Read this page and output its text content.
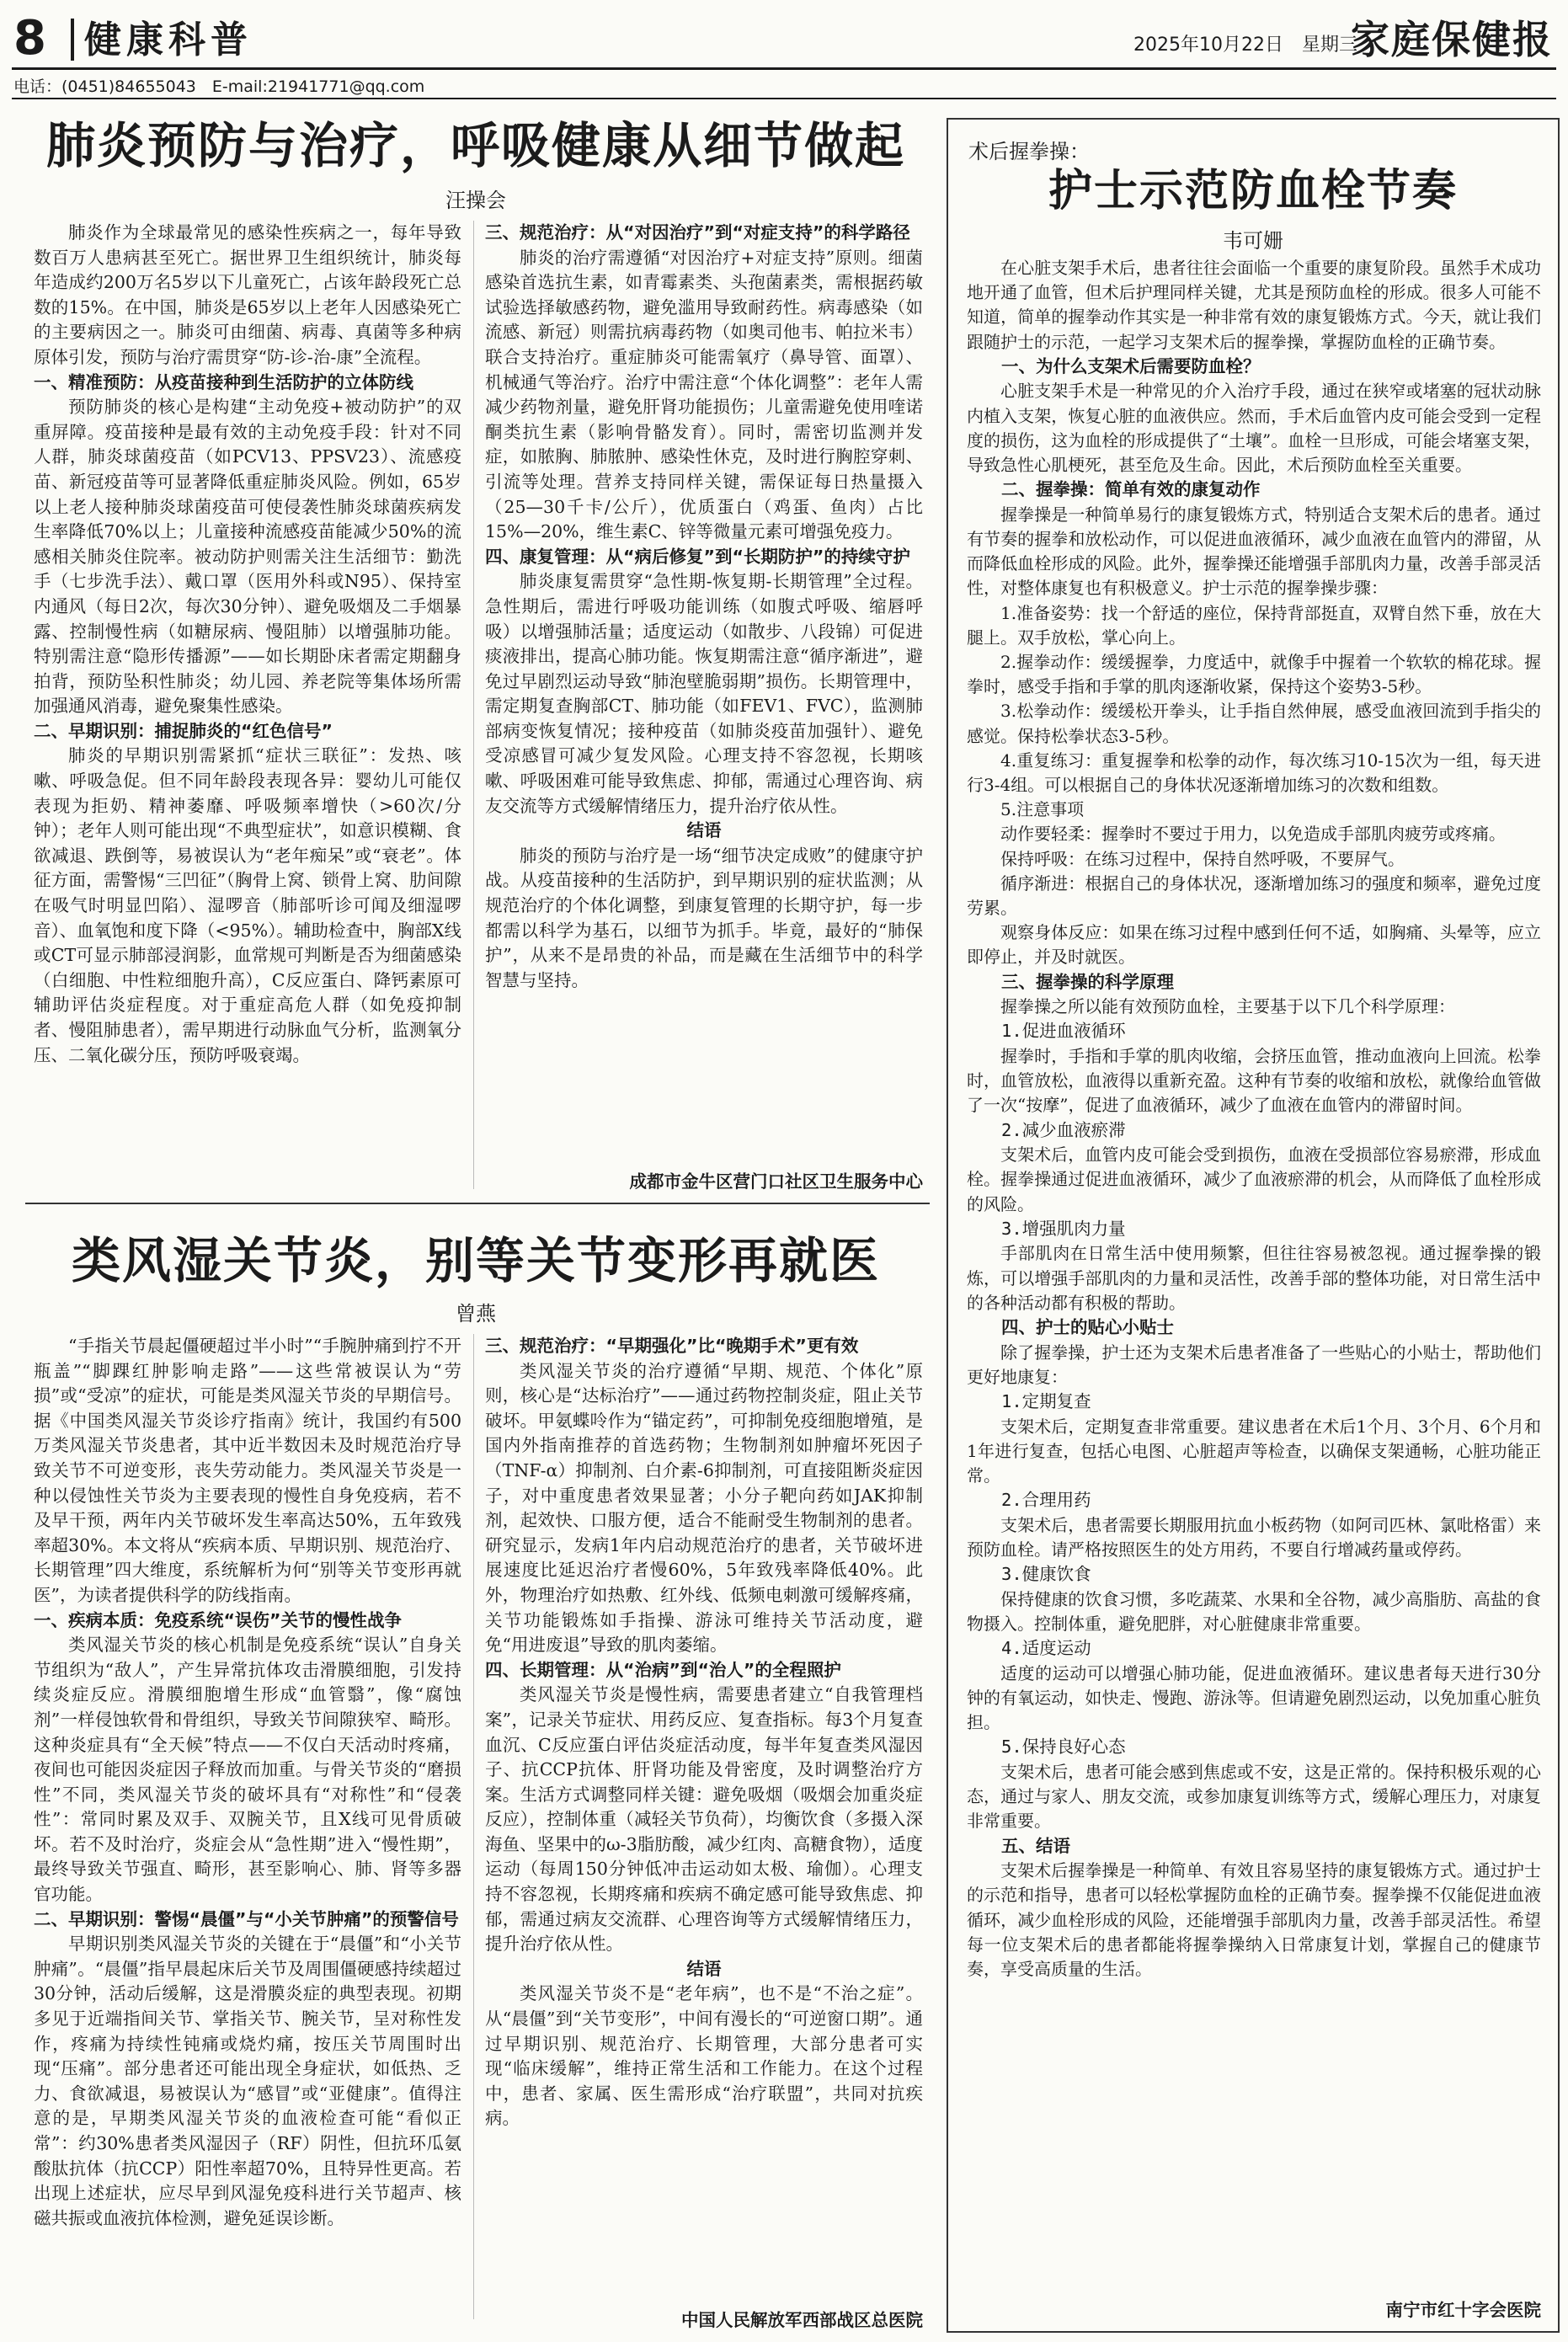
8 健康科普	2025年10月22日　星期三
家庭保健报
电话：(0451)84655043　E-mail:21941771@qq.com
肺炎预防与治疗，呼吸健康从细节做起
汪操会

肺炎作为全球最常见的感染性疾病之一，每年导致数百万人患病甚至死亡。据世界卫生组织统计，肺炎每年造成约200万名5岁以下儿童死亡，占该年龄段死亡总数的15%。在中国，肺炎是65岁以上老年人因感染死亡的主要病因之一。肺炎可由细菌、病毒、真菌等多种病原体引发，预防与治疗需贯穿“防-诊-治-康”全流程。

一、精准预防：从疫苗接种到生活防护的立体防线

预防肺炎的核心是构建“主动免疫+被动防护”的双重屏障。疫苗接种是最有效的主动免疫手段：针对不同人群，肺炎球菌疫苗（如PCV13、PPSV23）、流感疫苗、新冠疫苗等可显著降低重症肺炎风险。例如，65岁以上老人接种肺炎球菌疫苗可使侵袭性肺炎球菌疾病发生率降低70%以上；儿童接种流感疫苗能减少50%的流感相关肺炎住院率。被动防护则需关注生活细节：勤洗手（七步洗手法）、戴口罩（医用外科或N95）、保持室内通风（每日2次，每次30分钟）、避免吸烟及二手烟暴露、控制慢性病（如糖尿病、慢阻肺）以增强肺功能。特别需注意“隐形传播源”——如长期卧床者需定期翻身拍背，预防坠积性肺炎；幼儿园、养老院等集体场所需加强通风消毒，避免聚集性感染。

二、早期识别：捕捉肺炎的“红色信号”

肺炎的早期识别需紧抓“症状三联征”：发热、咳嗽、呼吸急促。但不同年龄段表现各异：婴幼儿可能仅表现为拒奶、精神萎靡、呼吸频率增快（>60次/分钟）；老年人则可能出现“不典型症状”，如意识模糊、食欲减退、跌倒等，易被误认为“老年痴呆”或“衰老”。体征方面，需警惕“三凹征”（胸骨上窝、锁骨上窝、肋间隙在吸气时明显凹陷）、湿啰音（肺部听诊可闻及细湿啰音）、血氧饱和度下降（<95%）。辅助检查中，胸部X线或CT可显示肺部浸润影，血常规可判断是否为细菌感染（白细胞、中性粒细胞升高），C反应蛋白、降钙素原可辅助评估炎症程度。对于重症高危人群（如免疫抑制者、慢阻肺患者），需早期进行动脉血气分析，监测氧分压、二氧化碳分压，预防呼吸衰竭。

三、规范治疗：从“对因治疗”到“对症支持”的科学路径

肺炎的治疗需遵循“对因治疗+对症支持”原则。细菌感染首选抗生素，如青霉素类、头孢菌素类，需根据药敏试验选择敏感药物，避免滥用导致耐药性。病毒感染（如流感、新冠）则需抗病毒药物（如奥司他韦、帕拉米韦）联合支持治疗。重症肺炎可能需氧疗（鼻导管、面罩）、机械通气等治疗。治疗中需注意“个体化调整”：老年人需减少药物剂量，避免肝肾功能损伤；儿童需避免使用喹诺酮类抗生素（影响骨骼发育）。同时，需密切监测并发症，如脓胸、肺脓肿、感染性休克，及时进行胸腔穿刺、引流等处理。营养支持同样关键，需保证每日热量摄入（25—30千卡/公斤），优质蛋白（鸡蛋、鱼肉）占比15%—20%，维生素C、锌等微量元素可增强免疫力。

四、康复管理：从“病后修复”到“长期防护”的持续守护

肺炎康复需贯穿“急性期-恢复期-长期管理”全过程。急性期后，需进行呼吸功能训练（如腹式呼吸、缩唇呼吸）以增强肺活量；适度运动（如散步、八段锦）可促进痰液排出，提高心肺功能。恢复期需注意“循序渐进”，避免过早剧烈运动导致“肺泡壁脆弱期”损伤。长期管理中，需定期复查胸部CT、肺功能（如FEV1、FVC），监测肺部病变恢复情况；接种疫苗（如肺炎疫苗加强针）、避免受凉感冒可减少复发风险。心理支持不容忽视，长期咳嗽、呼吸困难可能导致焦虑、抑郁，需通过心理咨询、病友交流等方式缓解情绪压力，提升治疗依从性。

结语

肺炎的预防与治疗是一场“细节决定成败”的健康守护战。从疫苗接种的生活防护，到早期识别的症状监测；从规范治疗的个体化调整，到康复管理的长期守护，每一步都需以科学为基石，以细节为抓手。毕竟，最好的“肺保护”，从来不是昂贵的补品，而是藏在生活细节中的科学智慧与坚持。

成都市金牛区营门口社区卫生服务中心
类风湿关节炎，别等关节变形再就医
曾燕

“手指关节晨起僵硬超过半小时”“手腕肿痛到拧不开瓶盖”“脚踝红肿影响走路”——这些常被误认为“劳损”或“受凉”的症状，可能是类风湿关节炎的早期信号。据《中国类风湿关节炎诊疗指南》统计，我国约有500万类风湿关节炎患者，其中近半数因未及时规范治疗导致关节不可逆变形，丧失劳动能力。类风湿关节炎是一种以侵蚀性关节炎为主要表现的慢性自身免疫病，若不及早干预，两年内关节破坏发生率高达50%，五年致残率超30%。本文将从“疾病本质、早期识别、规范治疗、长期管理”四大维度，系统解析为何“别等关节变形再就医”，为读者提供科学的防线指南。

一、疾病本质：免疫系统“误伤”关节的慢性战争

类风湿关节炎的核心机制是免疫系统“误认”自身关节组织为“敌人”，产生异常抗体攻击滑膜细胞，引发持续炎症反应。滑膜细胞增生形成“血管翳”，像“腐蚀剂”一样侵蚀软骨和骨组织，导致关节间隙狭窄、畸形。这种炎症具有“全天候”特点——不仅白天活动时疼痛，夜间也可能因炎症因子释放而加重。与骨关节炎的“磨损性”不同，类风湿关节炎的破坏具有“对称性”和“侵袭性”：常同时累及双手、双腕关节，且X线可见骨质破坏。若不及时治疗，炎症会从“急性期”进入“慢性期”，最终导致关节强直、畸形，甚至影响心、肺、肾等多器官功能。

二、早期识别：警惕“晨僵”与“小关节肿痛”的预警信号

早期识别类风湿关节炎的关键在于“晨僵”和“小关节肿痛”。“晨僵”指早晨起床后关节及周围僵硬感持续超过30分钟，活动后缓解，这是滑膜炎症的典型表现。初期多见于近端指间关节、掌指关节、腕关节，呈对称性发作，疼痛为持续性钝痛或烧灼痛，按压关节周围时出现“压痛”。部分患者还可能出现全身症状，如低热、乏力、食欲减退，易被误认为“感冒”或“亚健康”。值得注意的是，早期类风湿关节炎的血液检查可能“看似正常”：约30%患者类风湿因子（RF）阴性，但抗环瓜氨酸肽抗体（抗CCP）阳性率超70%，且特异性更高。若出现上述症状，应尽早到风湿免疫科进行关节超声、核磁共振或血液抗体检测，避免延误诊断。

三、规范治疗：“早期强化”比“晚期手术”更有效

类风湿关节炎的治疗遵循“早期、规范、个体化”原则，核心是“达标治疗”——通过药物控制炎症，阻止关节破坏。甲氨蝶呤作为“锚定药”，可抑制免疫细胞增殖，是国内外指南推荐的首选药物；生物制剂如肿瘤坏死因子（TNF-α）抑制剂、白介素-6抑制剂，可直接阻断炎症因子，对中重度患者效果显著；小分子靶向药如JAK抑制剂，起效快、口服方便，适合不能耐受生物制剂的患者。研究显示，发病1年内启动规范治疗的患者，关节破坏进展速度比延迟治疗者慢60%，5年致残率降低40%。此外，物理治疗如热敷、红外线、低频电刺激可缓解疼痛，关节功能锻炼如手指操、游泳可维持关节活动度，避免“用进废退”导致的肌肉萎缩。

四、长期管理：从“治病”到“治人”的全程照护

类风湿关节炎是慢性病，需要患者建立“自我管理档案”，记录关节症状、用药反应、复查指标。每3个月复查血沉、C反应蛋白评估炎症活动度，每半年复查类风湿因子、抗CCP抗体、肝肾功能及骨密度，及时调整治疗方案。生活方式调整同样关键：避免吸烟（吸烟会加重炎症反应），控制体重（减轻关节负荷），均衡饮食（多摄入深海鱼、坚果中的ω-3脂肪酸，减少红肉、高糖食物），适度运动（每周150分钟低冲击运动如太极、瑜伽）。心理支持不容忽视，长期疼痛和疾病不确定感可能导致焦虑、抑郁，需通过病友交流群、心理咨询等方式缓解情绪压力，提升治疗依从性。

结语

类风湿关节炎不是“老年病”，也不是“不治之症”。从“晨僵”到“关节变形”，中间有漫长的“可逆窗口期”。通过早期识别、规范治疗、长期管理，大部分患者可实现“临床缓解”，维持正常生活和工作能力。在这个过程中，患者、家属、医生需形成“治疗联盟”，共同对抗疾病。

中国人民解放军西部战区总医院
术后握拳操：
护士示范防血栓节奏
韦可姗

在心脏支架手术后，患者往往会面临一个重要的康复阶段。虽然手术成功地开通了血管，但术后护理同样关键，尤其是预防血栓的形成。很多人可能不知道，简单的握拳动作其实是一种非常有效的康复锻炼方式。今天，就让我们跟随护士的示范，一起学习支架术后的握拳操，掌握防血栓的正确节奏。

一、为什么支架术后需要防血栓？

心脏支架手术是一种常见的介入治疗手段，通过在狭窄或堵塞的冠状动脉内植入支架，恢复心脏的血液供应。然而，手术后血管内皮可能会受到一定程度的损伤，这为血栓的形成提供了“土壤”。血栓一旦形成，可能会堵塞支架，导致急性心肌梗死，甚至危及生命。因此，术后预防血栓至关重要。

二、握拳操：简单有效的康复动作

握拳操是一种简单易行的康复锻炼方式，特别适合支架术后的患者。通过有节奏的握拳和放松动作，可以促进血液循环，减少血液在血管内的滞留，从而降低血栓形成的风险。此外，握拳操还能增强手部肌肉力量，改善手部灵活性，对整体康复也有积极意义。护士示范的握拳操步骤：

1.准备姿势：找一个舒适的座位，保持背部挺直，双臂自然下垂，放在大腿上。双手放松，掌心向上。

2.握拳动作：缓缓握拳，力度适中，就像手中握着一个软软的棉花球。握拳时，感受手指和手掌的肌肉逐渐收紧，保持这个姿势3-5秒。

3.松拳动作：缓缓松开拳头，让手指自然伸展，感受血液回流到手指尖的感觉。保持松拳状态3-5秒。

4.重复练习：重复握拳和松拳的动作，每次练习10-15次为一组，每天进行3-4组。可以根据自己的身体状况逐渐增加练习的次数和组数。

5.注意事项

动作要轻柔：握拳时不要过于用力，以免造成手部肌肉疲劳或疼痛。

保持呼吸：在练习过程中，保持自然呼吸，不要屏气。

循序渐进：根据自己的身体状况，逐渐增加练习的强度和频率，避免过度劳累。

观察身体反应：如果在练习过程中感到任何不适，如胸痛、头晕等，应立即停止，并及时就医。

三、握拳操的科学原理

握拳操之所以能有效预防血栓，主要基于以下几个科学原理：

1.促进血液循环

握拳时，手指和手掌的肌肉收缩，会挤压血管，推动血液向上回流。松拳时，血管放松，血液得以重新充盈。这种有节奏的收缩和放松，就像给血管做了一次“按摩”，促进了血液循环，减少了血液在血管内的滞留时间。

2.减少血液瘀滞

支架术后，血管内皮可能会受到损伤，血液在受损部位容易瘀滞，形成血栓。握拳操通过促进血液循环，减少了血液瘀滞的机会，从而降低了血栓形成的风险。

3.增强肌肉力量

手部肌肉在日常生活中使用频繁，但往往容易被忽视。通过握拳操的锻炼，可以增强手部肌肉的力量和灵活性，改善手部的整体功能，对日常生活中的各种活动都有积极的帮助。

四、护士的贴心小贴士

除了握拳操，护士还为支架术后患者准备了一些贴心的小贴士，帮助他们更好地康复：

1.定期复查

支架术后，定期复查非常重要。建议患者在术后1个月、3个月、6个月和1年进行复查，包括心电图、心脏超声等检查，以确保支架通畅，心脏功能正常。

2.合理用药

支架术后，患者需要长期服用抗血小板药物（如阿司匹林、氯吡格雷）来预防血栓。请严格按照医生的处方用药，不要自行增减药量或停药。

3.健康饮食

保持健康的饮食习惯，多吃蔬菜、水果和全谷物，减少高脂肪、高盐的食物摄入。控制体重，避免肥胖，对心脏健康非常重要。

4.适度运动

适度的运动可以增强心肺功能，促进血液循环。建议患者每天进行30分钟的有氧运动，如快走、慢跑、游泳等。但请避免剧烈运动，以免加重心脏负担。

5.保持良好心态

支架术后，患者可能会感到焦虑或不安，这是正常的。保持积极乐观的心态，通过与家人、朋友交流，或参加康复训练等方式，缓解心理压力，对康复非常重要。

五、结语

支架术后握拳操是一种简单、有效且容易坚持的康复锻炼方式。通过护士的示范和指导，患者可以轻松掌握防血栓的正确节奏。握拳操不仅能促进血液循环，减少血栓形成的风险，还能增强手部肌肉力量，改善手部灵活性。希望每一位支架术后的患者都能将握拳操纳入日常康复计划，掌握自己的健康节奏，享受高质量的生活。

南宁市红十字会医院
